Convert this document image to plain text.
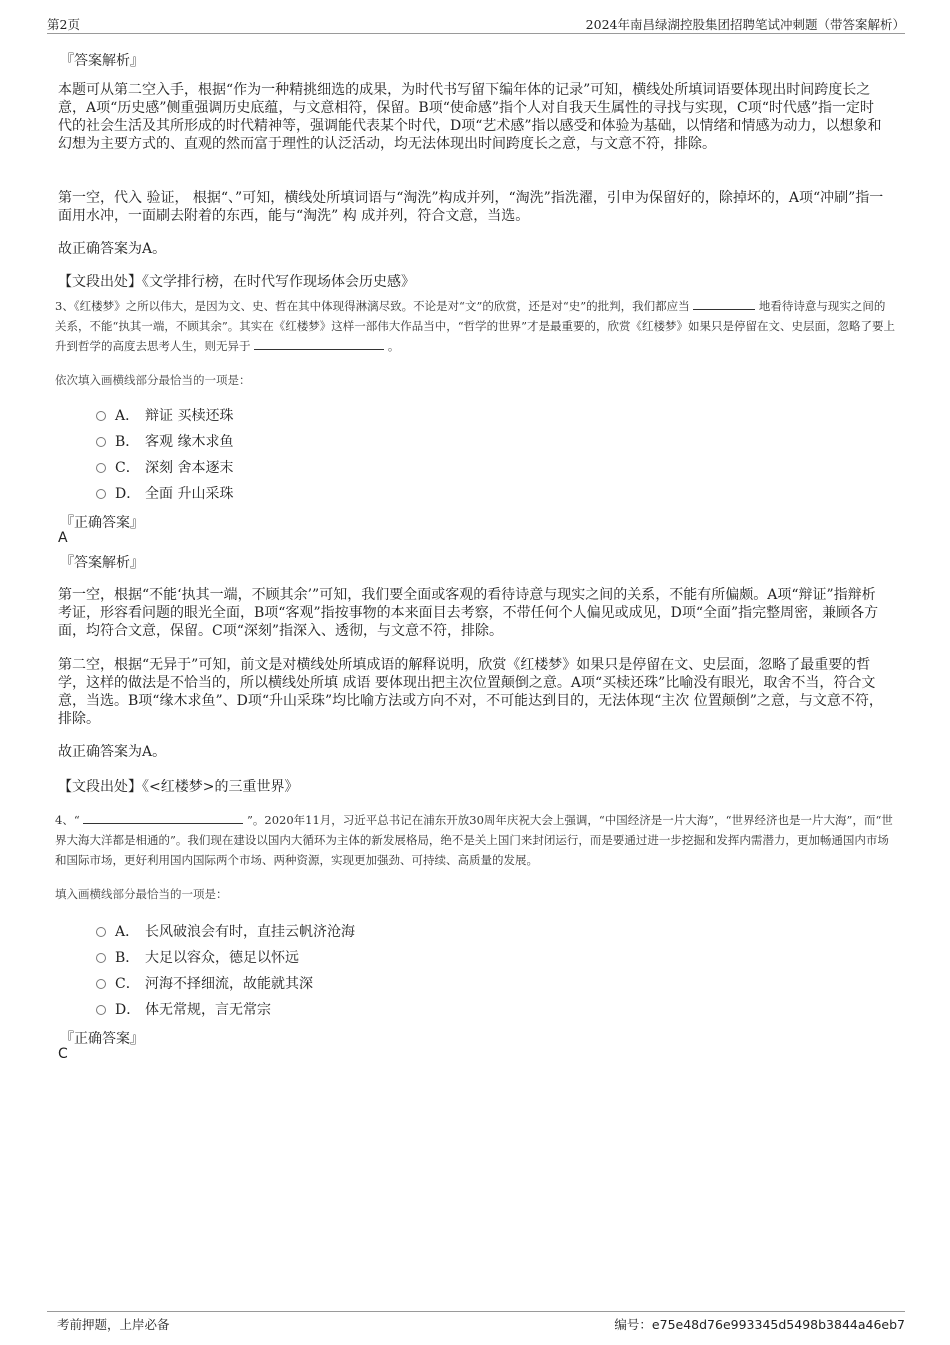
第2页	2024年南昌绿湖控股集团招聘笔试冲刺题（带答案解析）
『答案解析』
本题可从第二空入手，根据“作为一种精挑细选的成果，为时代书写留下编年体的记录”可知，横线处所填词语要体现出时间跨度长之意，A项“历史感”侧重强调历史底蕴，与文意相符，保留。B项“使命感”指个人对自我天生属性的寻找与实现，C项“时代感”指一定时代的社会生活及其所形成的时代精神等，强调能代表某个时代，D项“艺术感”指以感受和体验为基础，以情绪和情感为动力，以想象和幻想为主要方式的、直观的然而富于理性的认泛活动，均无法体现出时间跨度长之意，与文意不符，排除。
第一空，代入 验证， 根据“、”可知，横线处所填词语与“淘洗”构成并列，“淘洗”指洗濯，引申为保留好的，除掉坏的，A项“冲刷”指一面用水冲，一面刷去附着的东西，能与“淘洗” 构 成并列，符合文意，当选。
故正确答案为A。
【文段出处】《文学排行榜，在时代写作现场体会历史感》
3、《红楼梦》之所以伟大，是因为文、史、哲在其中体现得淋漓尽致。不论是对“文”的欣赏，还是对“史”的批判，我们都应当	地看待诗意与现实之间的关系，不能“执其一端，不顾其余”。其实在《红楼梦》这样一部伟大作品当中，“哲学的世界”才是最重要的，欣赏《红楼梦》如果只是停留在文、史层面，忽略了要上升到哲学的高度去思考人生，则无异于	。
依次填入画横线部分最恰当的一项是：
A． 辩证 买椟还珠
B． 客观 缘木求鱼
C． 深刻 舍本逐末
D． 全面 升山采珠
『正确答案』
A
『答案解析』
第一空，根据“不能‘执其一端，不顾其余’”可知，我们要全面或客观的看待诗意与现实之间的关系，不能有所偏颇。A项“辩证”指辩析考证，形容看问题的眼光全面，B项“客观”指按事物的本来面目去考察，不带任何个人偏见或成见，D项“全面”指完整周密，兼顾各方面，均符合文意，保留。C项“深刻”指深入、透彻，与文意不符，排除。
第二空，根据“无异于”可知，前文是对横线处所填成语的解释说明，欣赏《红楼梦》如果只是停留在文、史层面，忽略了最重要的哲学，这样的做法是不恰当的，所以横线处所填 成语 要体现出把主次位置颠倒之意。A项“买椟还珠”比喻没有眼光，取舍不当，符合文意，当选。B项“缘木求鱼”、D项“升山采珠”均比喻方法或方向不对，不可能达到目的，无法体现“主次 位置颠倒”之意，与文意不符，排除。
故正确答案为A。
【文段出处】《<红楼梦>的三重世界》
4、“	”。2020年11月，习近平总书记在浦东开放30周年庆祝大会上强调，“中国经济是一片大海”，“世界经济也是一片大海”，而“世界大海大洋都是相通的”。我们现在建设以国内大循环为主体的新发展格局，绝不是关上国门来封闭运行，而是要通过进一步挖掘和发挥内需潜力，更加畅通国内市场和国际市场，更好利用国内国际两个市场、两种资源，实现更加强劲、可持续、高质量的发展。
填入画横线部分最恰当的一项是：
A． 长风破浪会有时，直挂云帆济沧海
B． 大足以容众，德足以怀远
C． 河海不择细流，故能就其深
D． 体无常规，言无常宗
『正确答案』
C
考前押题，上岸必备	编号：e75e48d76e993345d5498b3844a46eb7
